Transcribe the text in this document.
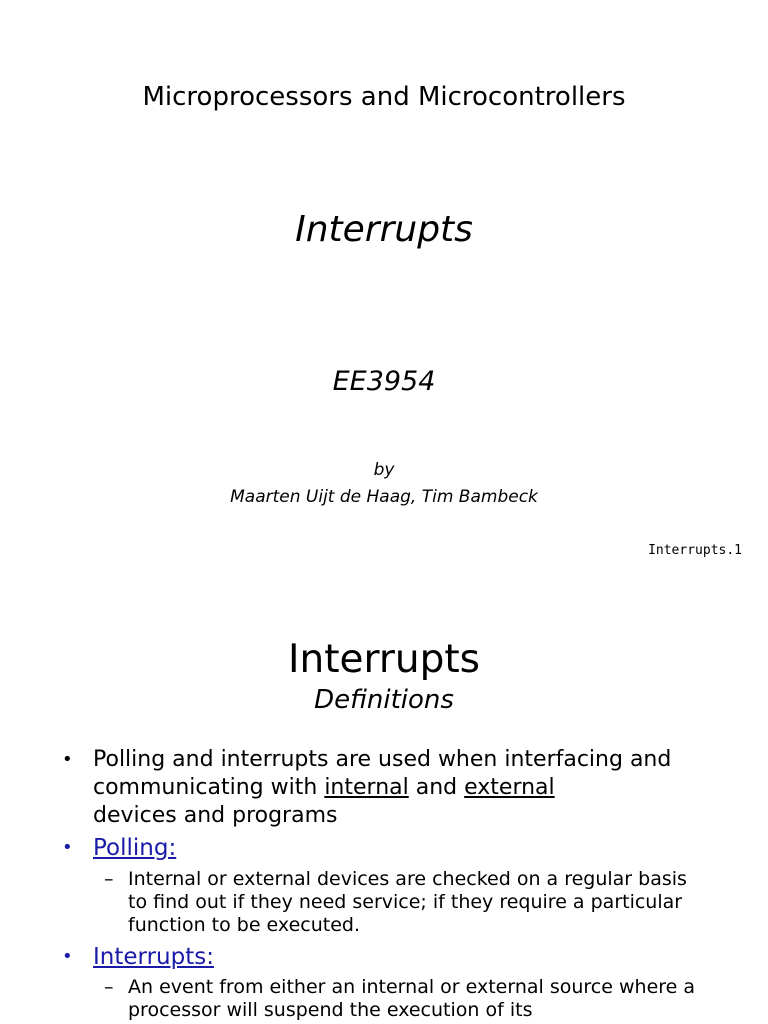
Microprocessors and Microcontrollers
Interrupts
EE3954
by
Maarten Uijt de Haag, Tim Bambeck
Interrupts.1
Interrupts
Definitions
• Polling and interrupts are used when interfacing and communicating with internal and external
devices and programs
• Polling:
– Internal or external devices are checked on a regular basis to find out if they need service; if they require a particular function to be executed.
• Interrupts:
– An event from either an internal or external source where a processor will suspend the execution of its
